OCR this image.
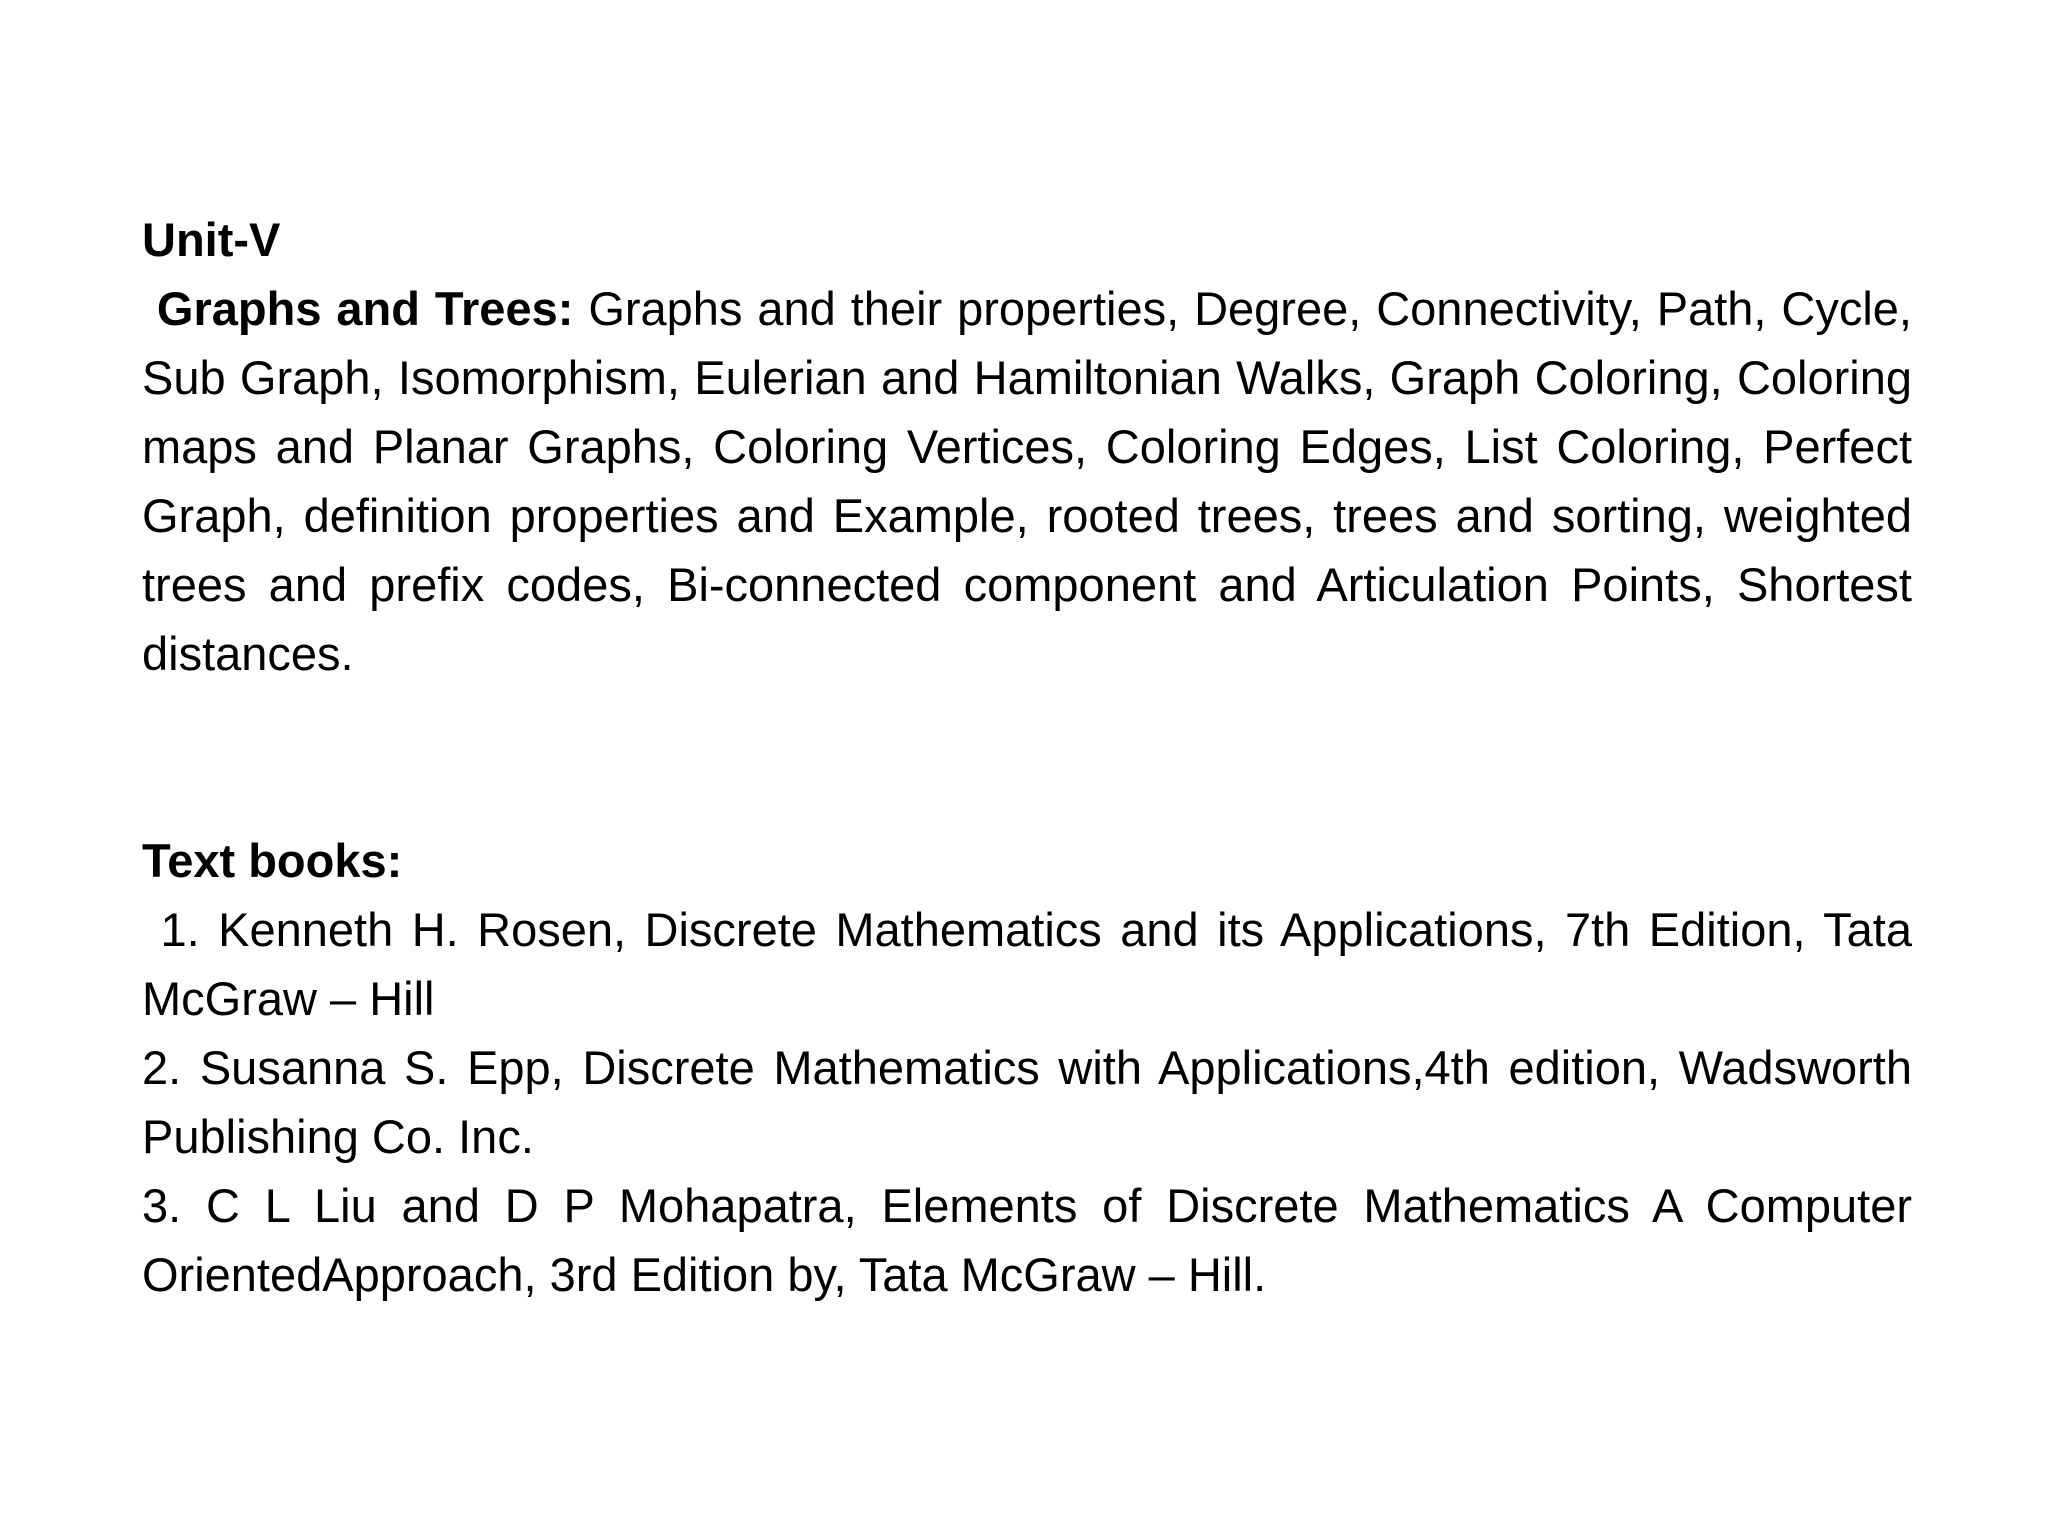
Unit-V

Graphs and Trees: Graphs and their properties, Degree, Connectivity, Path, Cycle, Sub Graph, Isomorphism, Eulerian and Hamiltonian Walks, Graph Coloring, Coloring maps and Planar Graphs, Coloring Vertices, Coloring Edges, List Coloring, Perfect Graph, definition properties and Example, rooted trees, trees and sorting, weighted trees and prefix codes, Bi-connected component and Articulation Points, Shortest distances.

Text books:

1. Kenneth H. Rosen, Discrete Mathematics and its Applications, 7th Edition, Tata McGraw – Hill

2. Susanna S. Epp, Discrete Mathematics with Applications,4th edition, Wadsworth Publishing Co. Inc.

3. C L Liu and D P Mohapatra, Elements of Discrete Mathematics A Computer OrientedApproach, 3rd Edition by, Tata McGraw – Hill.
